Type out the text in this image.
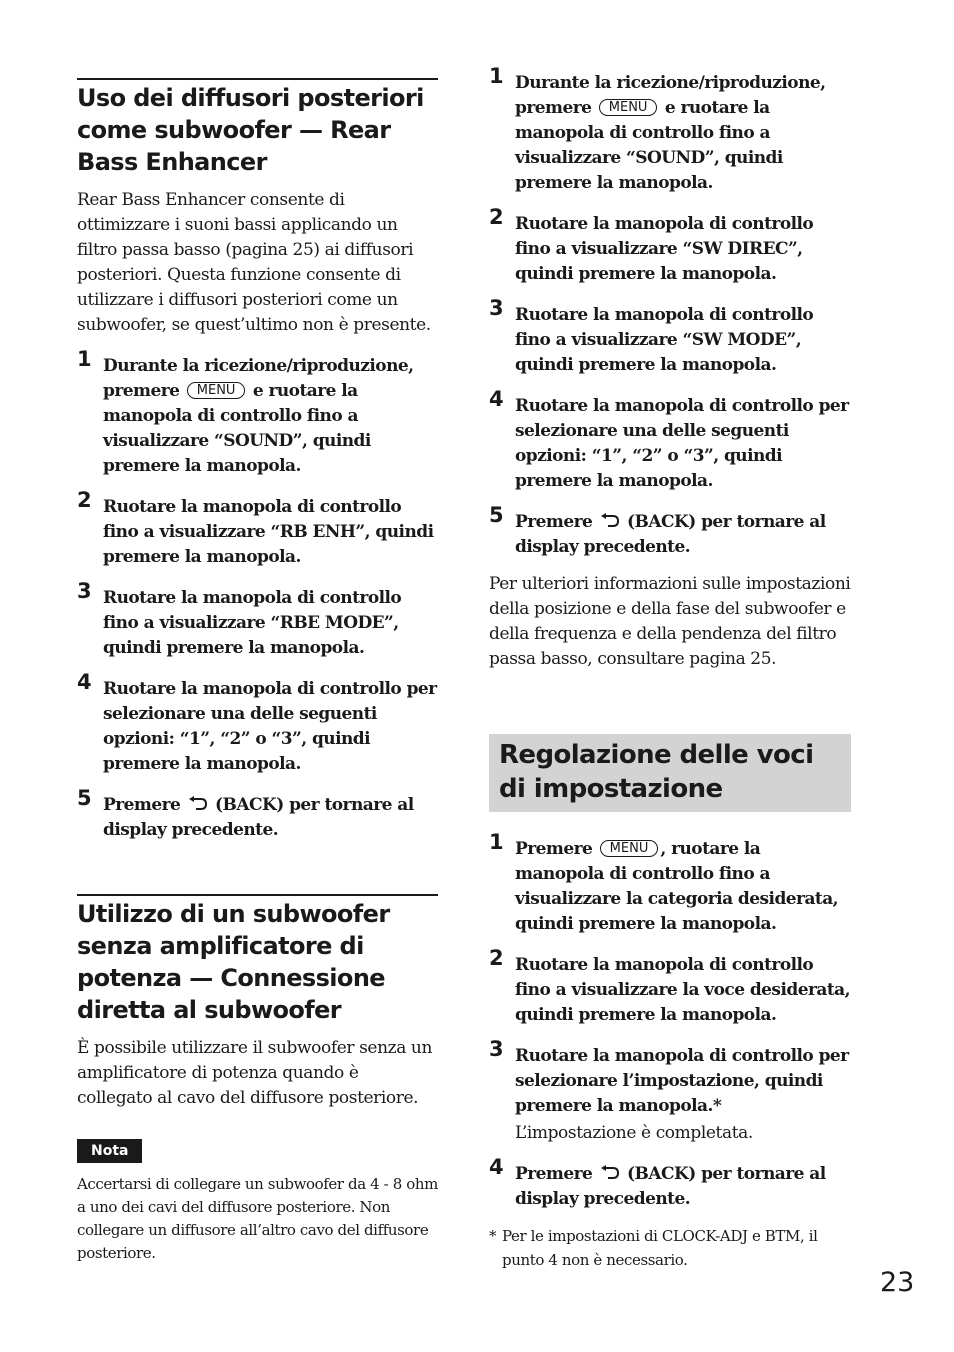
Uso dei diffusori posteriori come subwoofer — Rear Bass Enhancer

Rear Bass Enhancer consente di ottimizzare i suoni bassi applicando un filtro passa basso (pagina 25) ai diffusori posteriori. Questa funzione consente di utilizzare i diffusori posteriori come un subwoofer, se quest’ultimo non è presente.

1 Durante la ricezione/riproduzione, premere MENU e ruotare la manopola di controllo fino a visualizzare “SOUND”, quindi premere la manopola.
2 Ruotare la manopola di controllo fino a visualizzare “RB ENH”, quindi premere la manopola.
3 Ruotare la manopola di controllo fino a visualizzare “RBE MODE”, quindi premere la manopola.
4 Ruotare la manopola di controllo per selezionare una delle seguenti opzioni: “1”, “2” o “3”, quindi premere la manopola.
5 Premere (BACK) per tornare al display precedente.
Utilizzo di un subwoofer senza amplificatore di potenza — Connessione diretta al subwoofer

È possibile utilizzare il subwoofer senza un amplificatore di potenza quando è collegato al cavo del diffusore posteriore.

Nota

Accertarsi di collegare un subwoofer da 4 - 8 ohm a uno dei cavi del diffusore posteriore. Non collegare un diffusore all’altro cavo del diffusore posteriore.

1 Durante la ricezione/riproduzione, premere MENU e ruotare la manopola di controllo fino a visualizzare “SOUND”, quindi premere la manopola.
2 Ruotare la manopola di controllo fino a visualizzare “SW DIREC”, quindi premere la manopola.
3 Ruotare la manopola di controllo fino a visualizzare “SW MODE”, quindi premere la manopola.
4 Ruotare la manopola di controllo per selezionare una delle seguenti opzioni: “1”, “2” o “3”, quindi premere la manopola.
5 Premere (BACK) per tornare al display precedente.

Per ulteriori informazioni sulle impostazioni della posizione e della fase del subwoofer e della frequenza e della pendenza del filtro passa basso, consultare pagina 25.

Regolazione delle voci di impostazione
1 Premere MENU , ruotare la manopola di controllo fino a visualizzare la categoria desiderata, quindi premere la manopola.
2 Ruotare la manopola di controllo fino a visualizzare la voce desiderata, quindi premere la manopola.
3 Ruotare la manopola di controllo per selezionare l’impostazione, quindi premere la manopola.*
L’impostazione è completata.
4 Premere (BACK) per tornare al display precedente.
* Per le impostazioni di CLOCK-ADJ e BTM, il punto 4 non è necessario.
23
